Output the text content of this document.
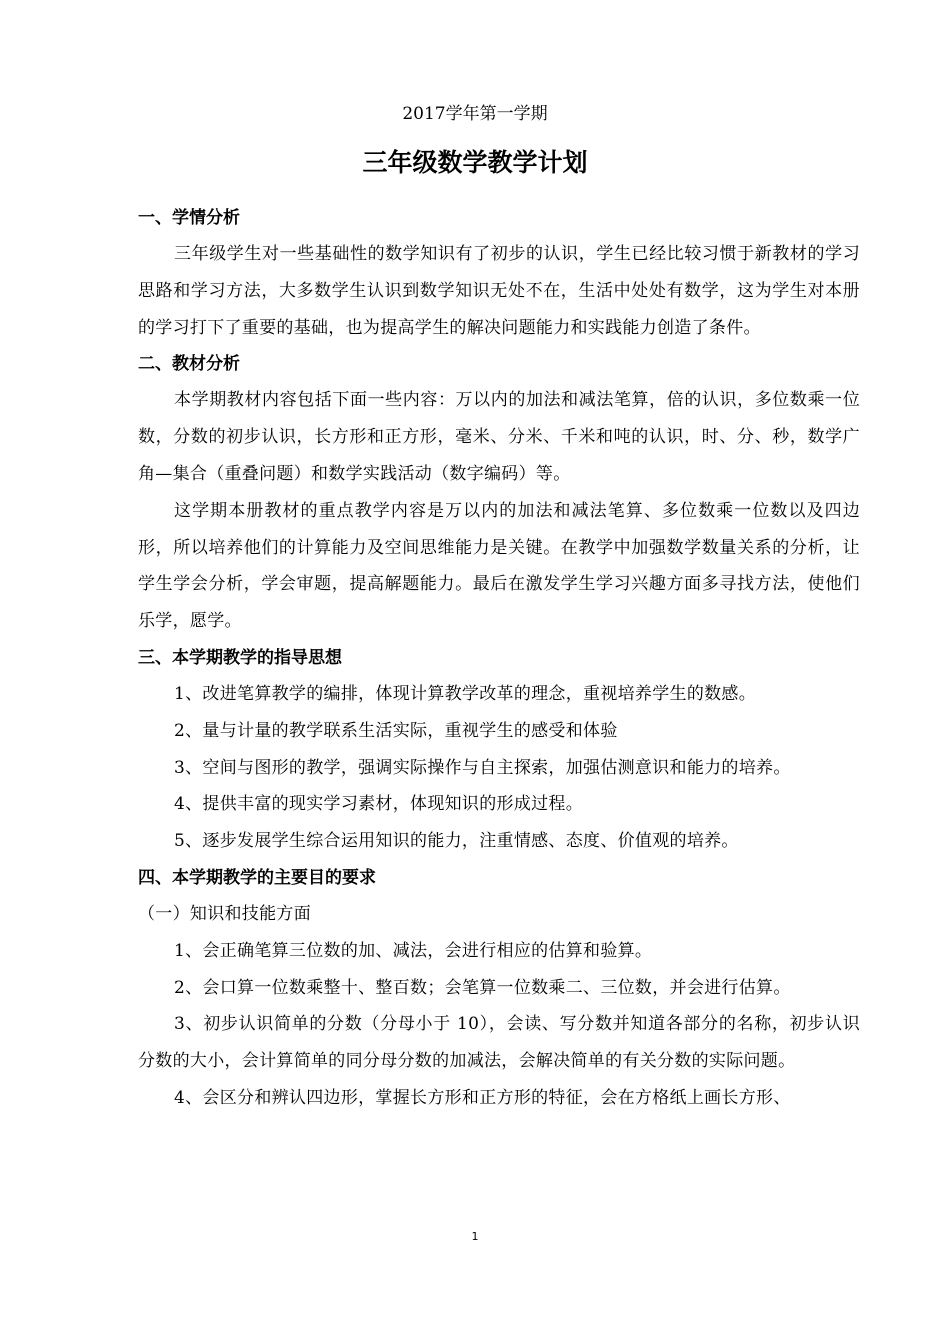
2017学年第一学期
三年级数学教学计划

一、学情分析

三年级学生对一些基础性的数学知识有了初步的认识，学生已经比较习惯于新教材的学习思路和学习方法，大多数学生认识到数学知识无处不在，生活中处处有数学，这为学生对本册的学习打下了重要的基础，也为提高学生的解决问题能力和实践能力创造了条件。

二、教材分析

本学期教材内容包括下面一些内容：万以内的加法和减法笔算，倍的认识，多位数乘一位数，分数的初步认识，长方形和正方形，毫米、分米、千米和吨的认识，时、分、秒，数学广角—集合（重叠问题）和数学实践活动（数字编码）等。

这学期本册教材的重点教学内容是万以内的加法和减法笔算、多位数乘一位数以及四边形，所以培养他们的计算能力及空间思维能力是关键。在教学中加强数学数量关系的分析，让学生学会分析，学会审题，提高解题能力。最后在激发学生学习兴趣方面多寻找方法，使他们乐学，愿学。

三、本学期教学的指导思想

1、改进笔算教学的编排，体现计算教学改革的理念，重视培养学生的数感。

2、量与计量的教学联系生活实际，重视学生的感受和体验

3、空间与图形的教学，强调实际操作与自主探索，加强估测意识和能力的培养。

4、提供丰富的现实学习素材，体现知识的形成过程。

5、逐步发展学生综合运用知识的能力，注重情感、态度、价值观的培养。

四、本学期教学的主要目的要求

（一）知识和技能方面

1、会正确笔算三位数的加、减法，会进行相应的估算和验算。

2、会口算一位数乘整十、整百数；会笔算一位数乘二、三位数，并会进行估算。

3、初步认识简单的分数（分母小于 10），会读、写分数并知道各部分的名称，初步认识分数的大小，会计算简单的同分母分数的加减法，会解决简单的有关分数的实际问题。

4、会区分和辨认四边形，掌握长方形和正方形的特征，会在方格纸上画长方形、

1
